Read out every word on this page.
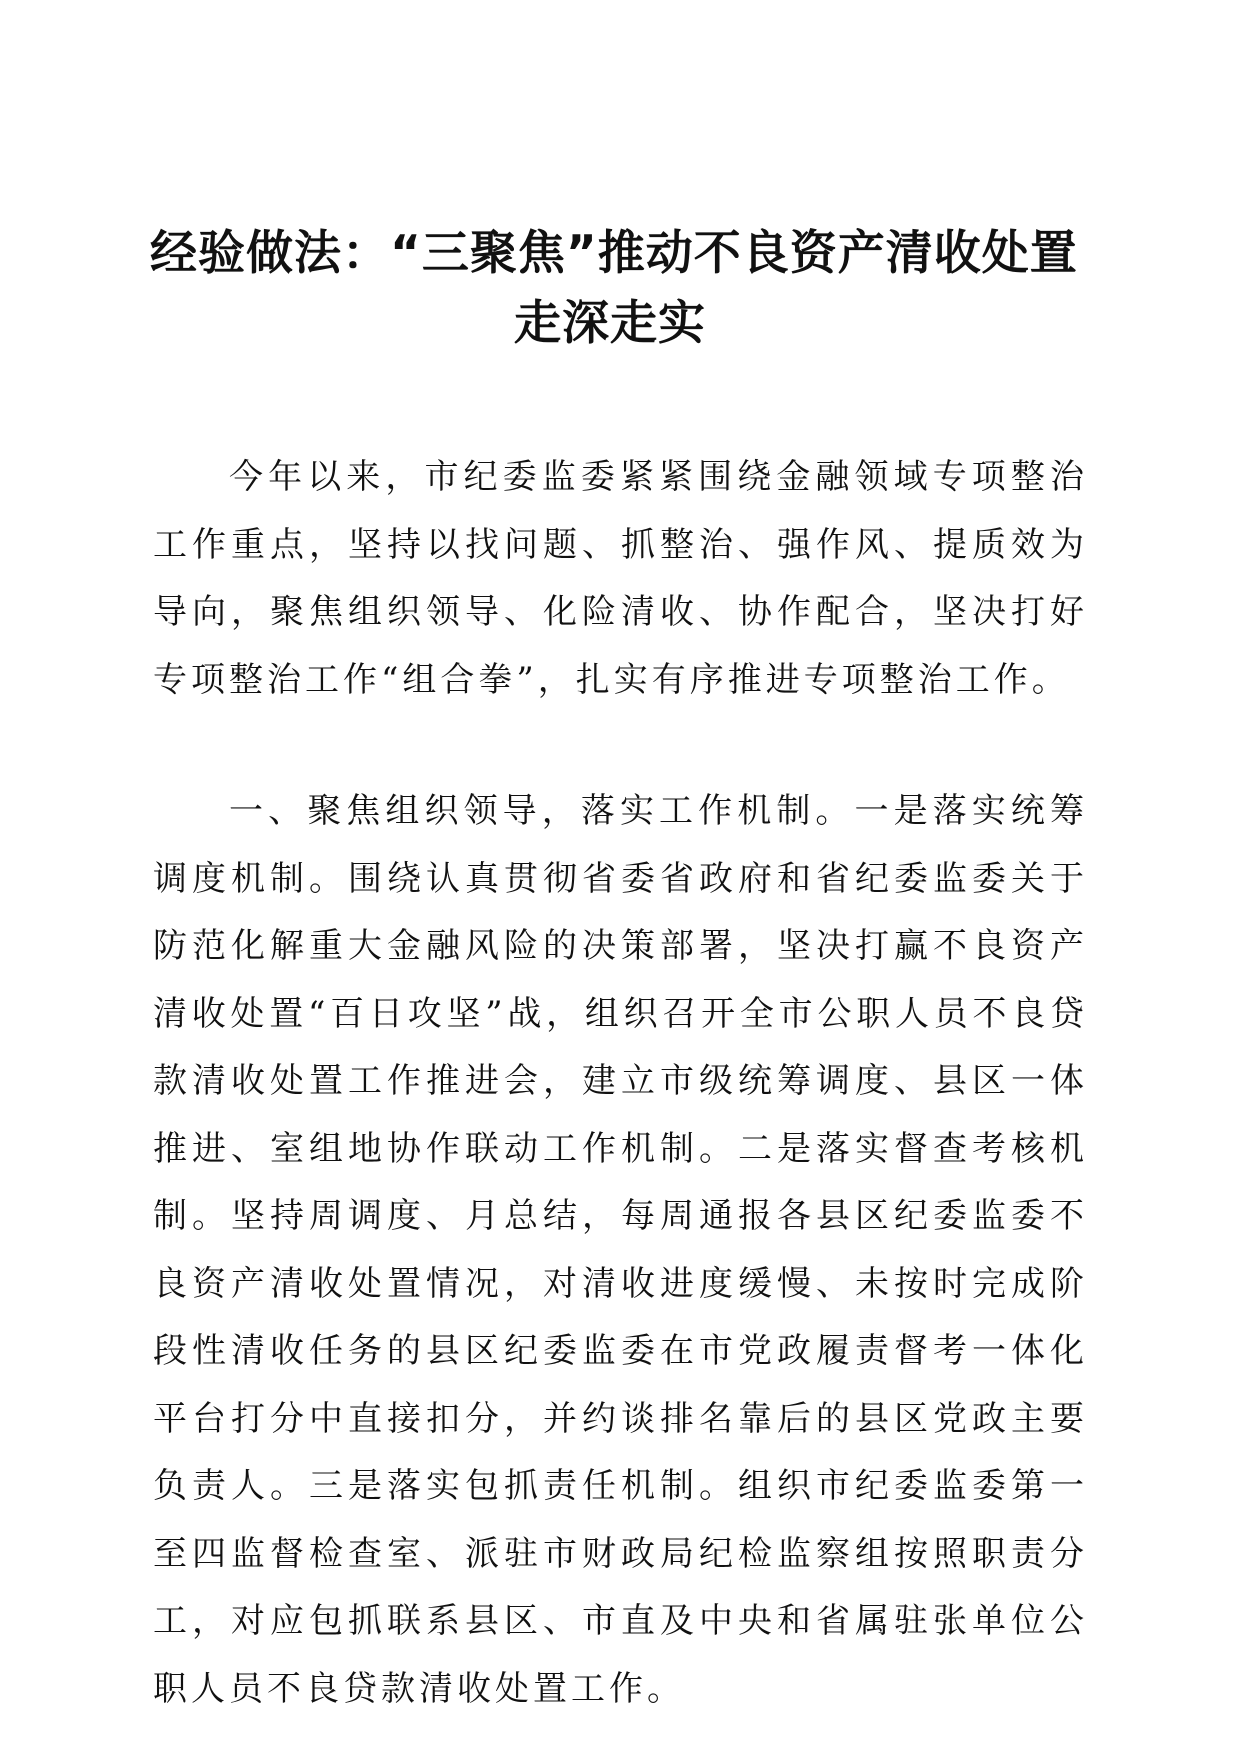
经验做法：“三聚焦”推动不良资产清收处置
走深走实

今年以来，市纪委监委紧紧围绕金融领域专项整治工作重点，坚持以找问题、抓整治、强作风、提质效为导向，聚焦组织领导、化险清收、协作配合，坚决打好专项整治工作“组合拳”，扎实有序推进专项整治工作。

一、聚焦组织领导，落实工作机制。一是落实统筹调度机制。围绕认真贯彻省委省政府和省纪委监委关于防范化解重大金融风险的决策部署，坚决打赢不良资产清收处置“百日攻坚”战，组织召开全市公职人员不良贷款清收处置工作推进会，建立市级统筹调度、县区一体推进、室组地协作联动工作机制。二是落实督查考核机制。坚持周调度、月总结，每周通报各县区纪委监委不良资产清收处置情况，对清收进度缓慢、未按时完成阶段性清收任务的县区纪委监委在市党政履责督考一体化平台打分中直接扣分，并约谈排名靠后的县区党政主要负责人。三是落实包抓责任机制。组织市纪委监委第一至四监督检查室、派驻市财政局纪检监察组按照职责分工，对应包抓联系县区、市直及中央和省属驻张单位公职人员不良贷款清收处置工作。
